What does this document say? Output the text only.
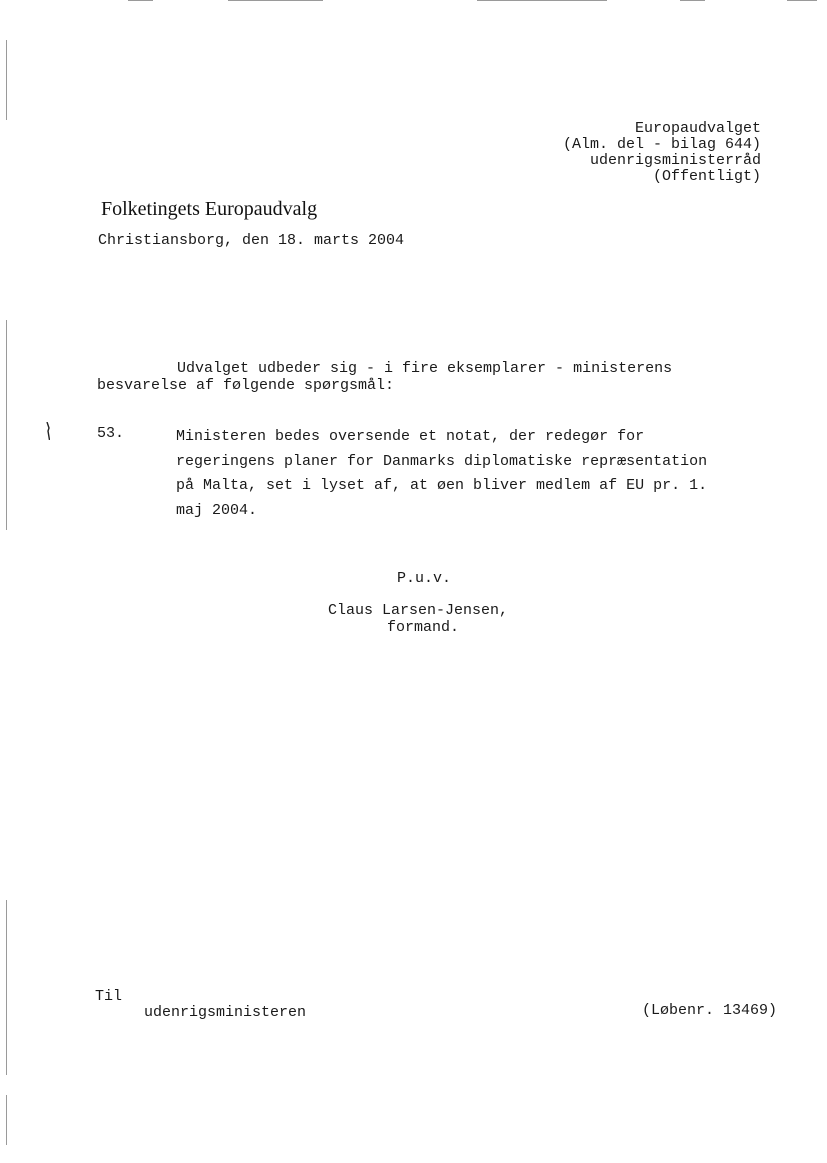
Europaudvalget
(Alm. del - bilag 644)
udenrigsministerråd
(Offentligt)
Folketingets Europaudvalg
Christiansborg, den 18. marts 2004
Udvalget udbeder sig - i fire eksemplarer - ministerens
besvarelse af følgende spørgsmål:
53.	Ministeren bedes oversende et notat, der redegør for
regeringens planer for Danmarks diplomatiske repræsentation
på Malta, set i lyset af, at øen bliver medlem af EU pr. 1.
maj 2004.
P.u.v.
Claus Larsen-Jensen,
formand.
Til
udenrigsministeren	(Løbenr. 13469)
